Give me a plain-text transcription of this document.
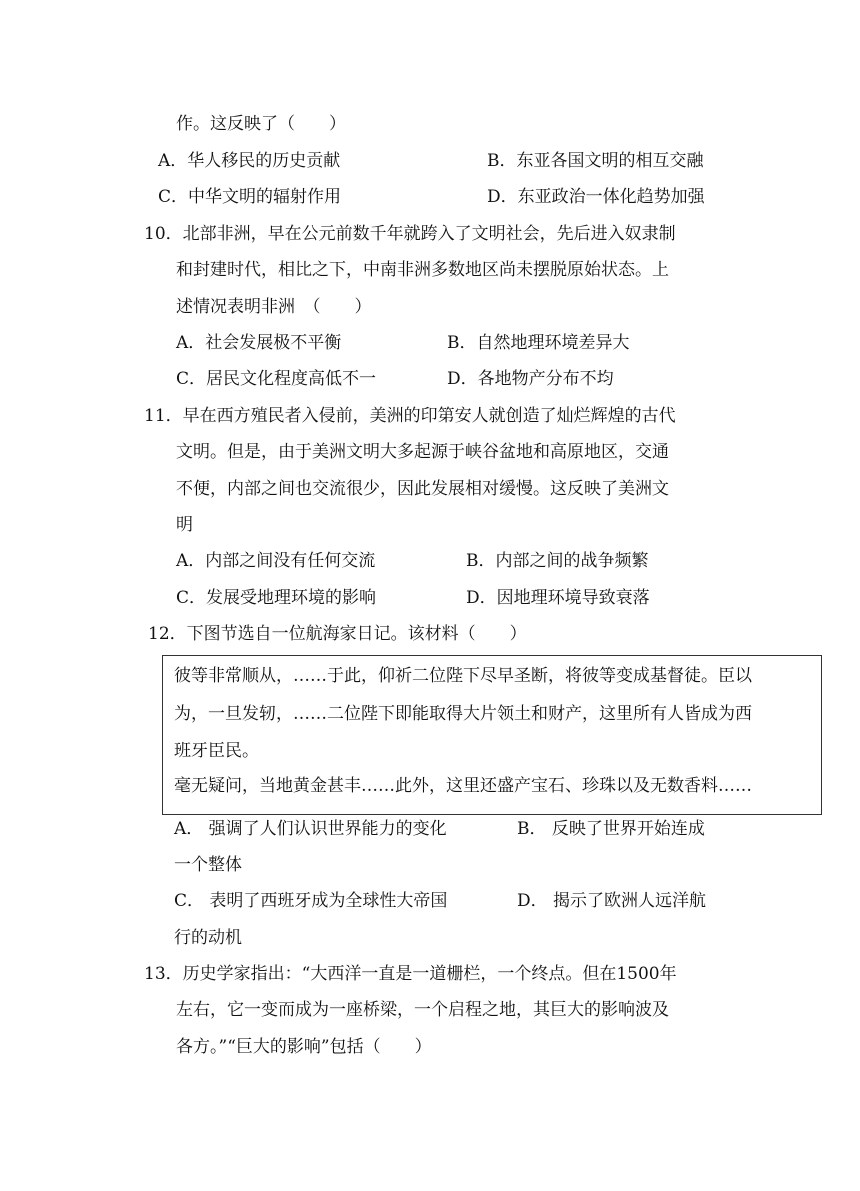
作。这反映了（　　）
A．华人移民的历史贡献	B．东亚各国文明的相互交融
C．中华文明的辐射作用	D．东亚政治一体化趋势加强
10．北部非洲，早在公元前数千年就跨入了文明社会，先后进入奴隶制
和封建时代，相比之下，中南非洲多数地区尚未摆脱原始状态。上
述情况表明非洲　（　　）
A．社会发展极不平衡	B．自然地理环境差异大
C．居民文化程度高低不一	D．各地物产分布不均
11．早在西方殖民者入侵前，美洲的印第安人就创造了灿烂辉煌的古代
文明。但是，由于美洲文明大多起源于峡谷盆地和高原地区，交通
不便，内部之间也交流很少，因此发展相对缓慢。这反映了美洲文
明
A．内部之间没有任何交流	B．内部之间的战争频繁
C．发展受地理环境的影响	D．因地理环境导致衰落
12．下图节选自一位航海家日记。该材料（　　）
彼等非常顺从，……于此，仰祈二位陛下尽早圣断，将彼等变成基督徒。臣以
为，一旦发轫，……二位陛下即能取得大片领土和财产，这里所有人皆成为西
班牙臣民。
毫无疑问，当地黄金甚丰……此外，这里还盛产宝石、珍珠以及无数香料……
A． 强调了人们认识世界能力的变化	B． 反映了世界开始连成
一个整体
C． 表明了西班牙成为全球性大帝国	D． 揭示了欧洲人远洋航
行的动机
13．历史学家指出：“大西洋一直是一道栅栏，一个终点。但在1500年
左右，它一变而成为一座桥梁，一个启程之地，其巨大的影响波及
各方。”“巨大的影响”包括（　　）
